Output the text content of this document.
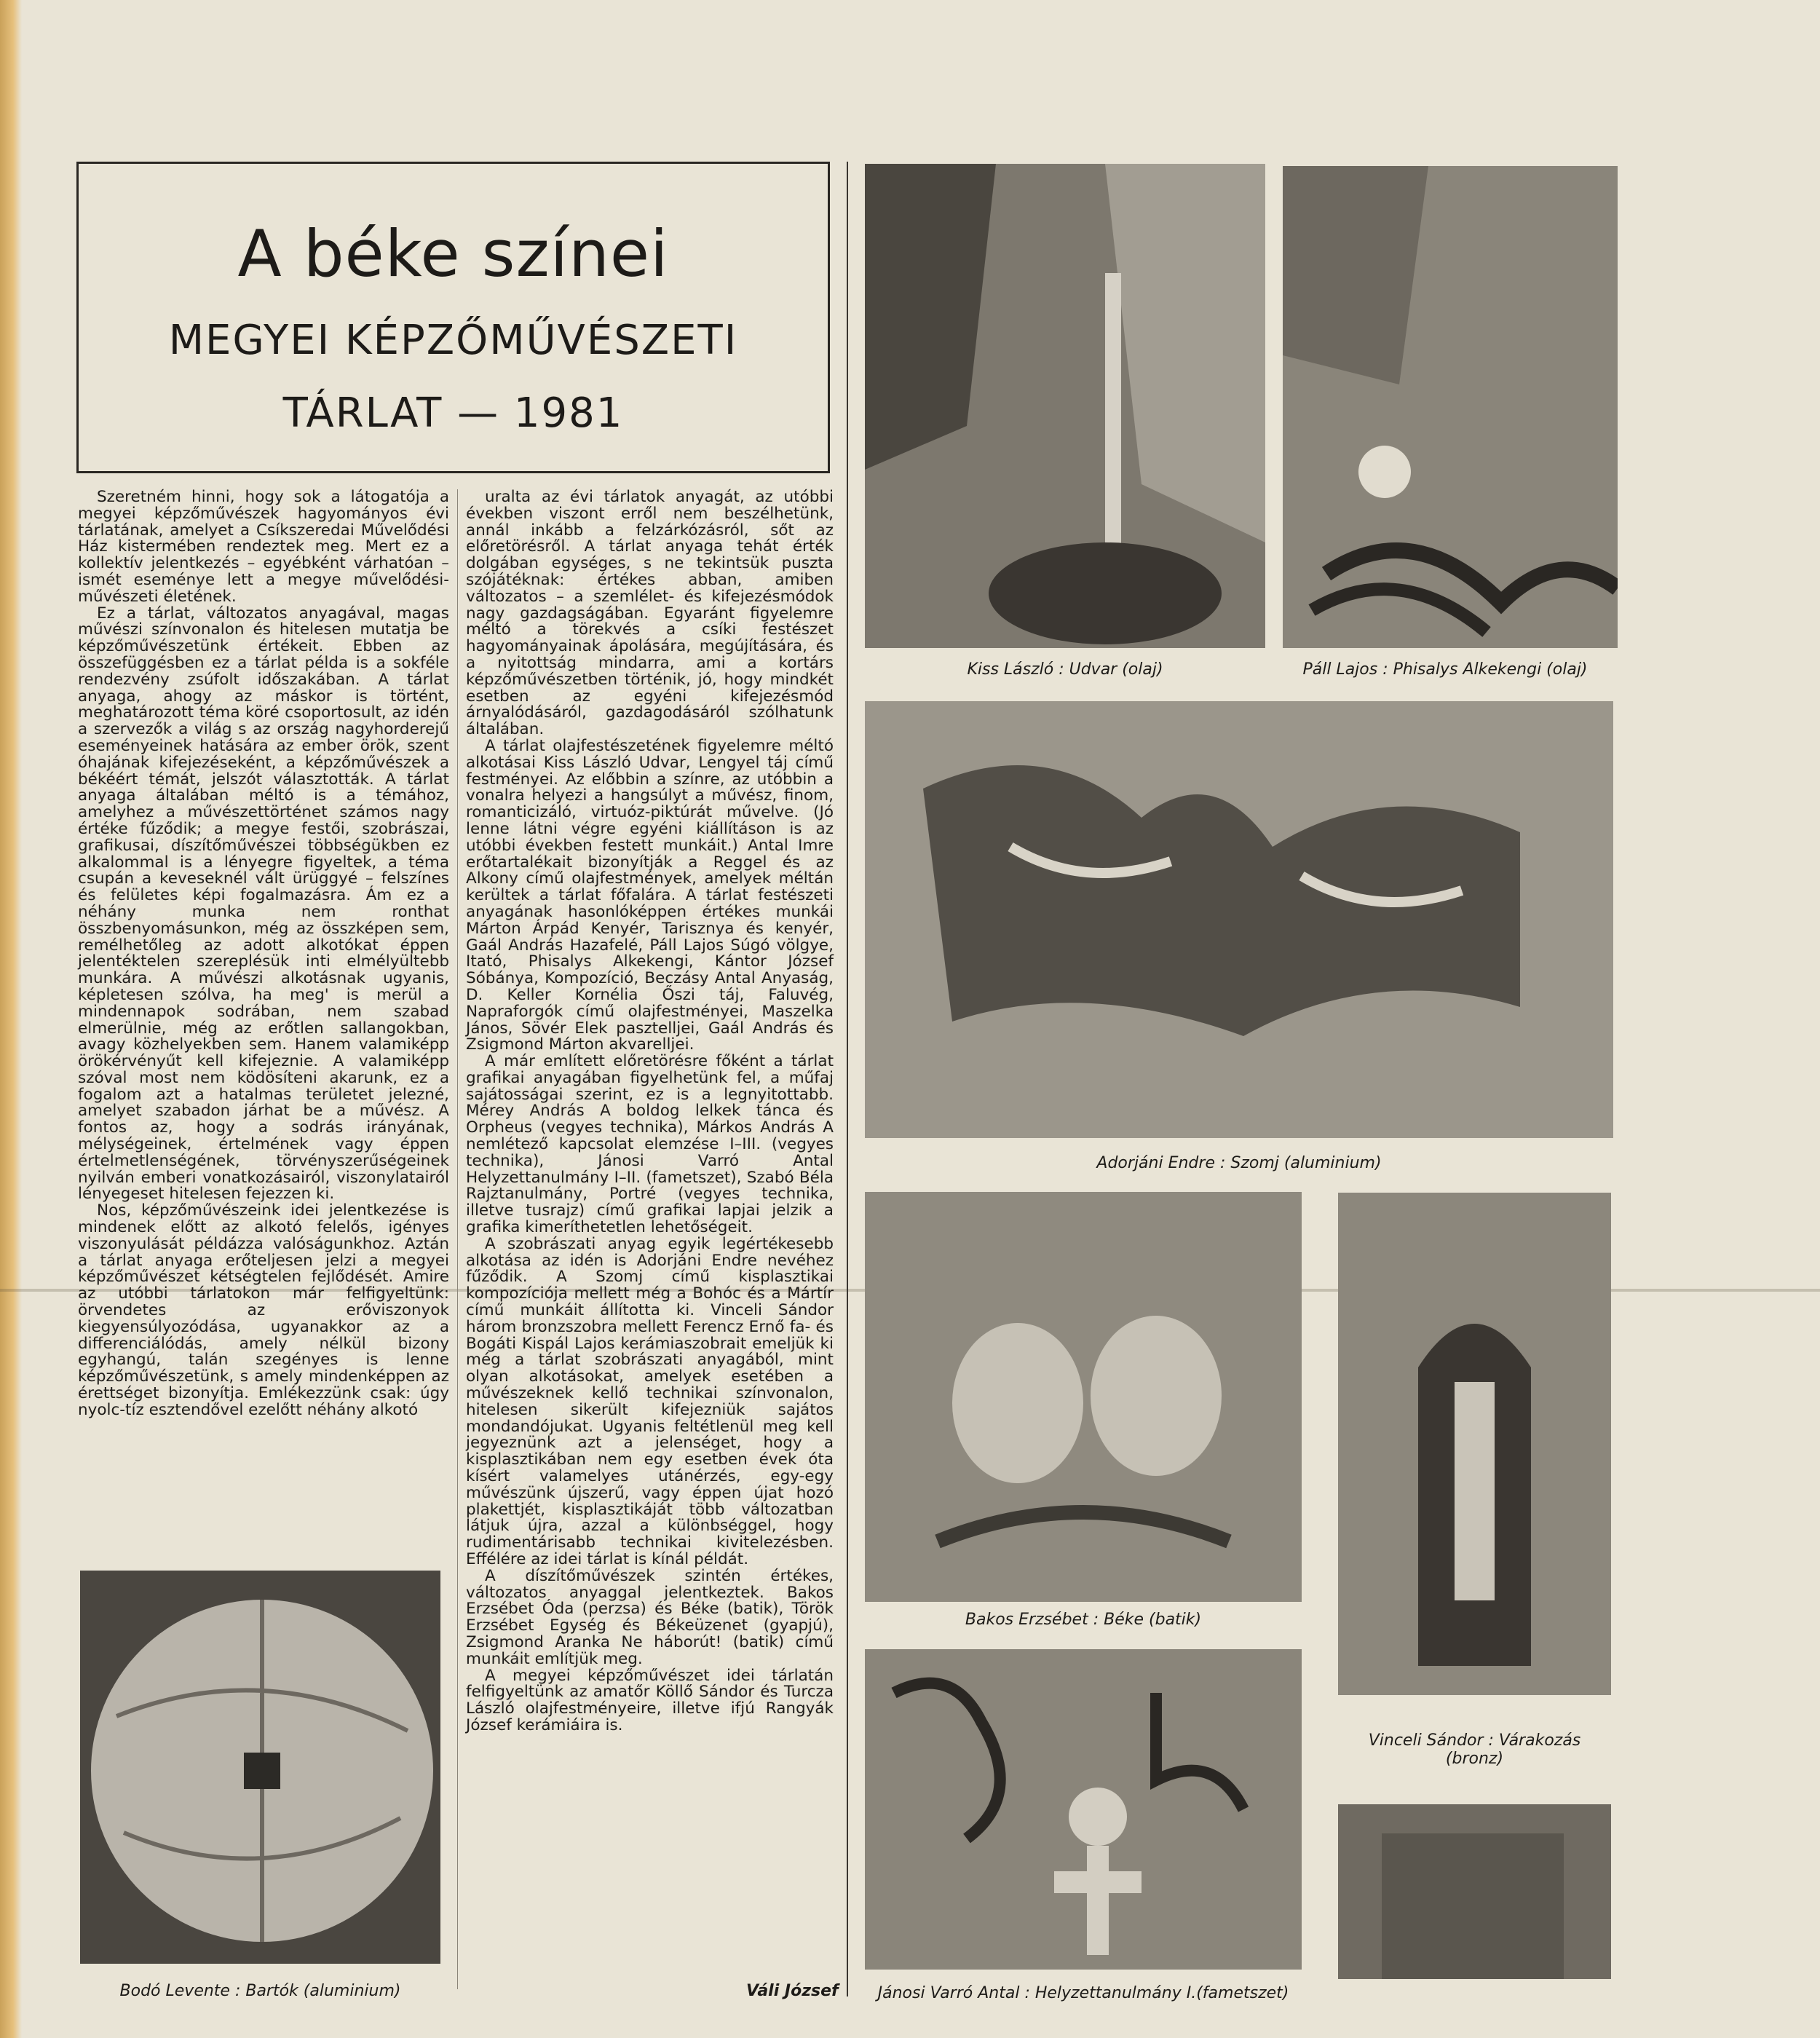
A béke színei
MEGYEI KÉPZŐMŰVÉSZETI
TÁRLAT — 1981

Szeretném hinni, hogy sok a látogatója a megyei képzőművészek hagyományos évi tárlatának, amelyet a Csíkszeredai Művelődési Ház kistermében rendeztek meg. Mert ez a kollektív jelentkezés – egyébként várhatóan – ismét eseménye lett a megye művelődési-művészeti életének.

Ez a tárlat, változatos anyagával, magas művészi színvonalon és hitelesen mutatja be képzőművészetünk értékeit. Ebben az összefüggésben ez a tárlat példa is a sokféle rendezvény zsúfolt időszakában. A tárlat anyaga, ahogy az máskor is történt, meghatározott téma köré csoportosult, az idén a szervezők a világ s az ország nagyhorderejű eseményeinek hatására az ember örök, szent óhajának kifejezéseként, a képzőművészek a békéért témát, jelszót választották. A tárlat anyaga általában méltó is a témához, amelyhez a művészettörténet számos nagy értéke fűződik; a megye festői, szobrászai, grafikusai, díszítőművészei többségükben ez alkalommal is a lényegre figyeltek, a téma csupán a keveseknél vált ürüggyé – felszínes és felületes képi fogalmazásra. Ám ez a néhány munka nem ronthat összbenyomásunkon, még az összképen sem, remélhetőleg az adott alkotókat éppen jelentéktelen szereplésük inti elmélyültebb munkára. A művészi alkotásnak ugyanis, képletesen szólva, ha meg' is merül a mindennapok sodrában, nem szabad elmerülnie, még az erőtlen sallangokban, avagy közhelyekben sem. Hanem valamiképp örökérvényűt kell kifejeznie. A valamiképp szóval most nem ködösíteni akarunk, ez a fogalom azt a hatalmas területet jelezné, amelyet szabadon járhat be a művész. A fontos az, hogy a sodrás irányának, mélységeinek, értelmének vagy éppen értelmetlenségének, törvényszerűségeinek nyilván emberi vonatkozásairól, viszonylatairól lényegeset hitelesen fejezzen ki.

Nos, képzőművészeink idei jelentkezése is mindenek előtt az alkotó felelős, igényes viszonyulását példázza valóságunkhoz. Aztán a tárlat anyaga erőteljesen jelzi a megyei képzőművészet kétségtelen fejlődését. Amire az utóbbi tárlatokon már felfigyeltünk: örvendetes az erőviszonyok kiegyensúlyozódása, ugyanakkor az a differenciálódás, amely nélkül bizony egyhangú, talán szegényes is lenne képzőművészetünk, s amely mindenképpen az érettséget bizonyítja. Emlékezzünk csak: úgy nyolc-tíz esztendővel ezelőtt néhány alkotó

uralta az évi tárlatok anyagát, az utóbbi években viszont erről nem beszélhetünk, annál inkább a felzárkózásról, sőt az előretörésről. A tárlat anyaga tehát érték dolgában egységes, s ne tekintsük puszta szójátéknak: értékes abban, amiben változatos – a szemlélet- és kifejezésmódok nagy gazdagságában. Egyaránt figyelemre méltó a törekvés a csíki festészet hagyományainak ápolására, megújítására, és a nyitottság mindarra, ami a kortárs képzőművészetben történik, jó, hogy mindkét esetben az egyéni kifejezésmód árnyalódásáról, gazdagodásáról szólhatunk általában.

A tárlat olajfestészetének figyelemre méltó alkotásai Kiss László Udvar, Lengyel táj című festményei. Az előbbin a színre, az utóbbin a vonalra helyezi a hangsúlyt a művész, finom, romanticizáló, virtuóz-piktúrát művelve. (Jó lenne látni végre egyéni kiállításon is az utóbbi években festett munkáit.) Antal Imre erőtartalékait bizonyítják a Reggel és az Alkony című olajfestmények, amelyek méltán kerültek a tárlat főfalára. A tárlat festészeti anyagának hasonlóképpen értékes munkái Márton Árpád Kenyér, Tarisznya és kenyér, Gaál András Hazafelé, Páll Lajos Súgó völgye, Itató, Phisalys Alkekengi, Kántor József Sóbánya, Kompozíció, Beczásy Antal Anyaság, D. Keller Kornélia Őszi táj, Faluvég, Napraforgók című olajfestményei, Maszelka János, Sövér Elek pasztelljei, Gaál András és Zsigmond Márton akvarelljei.

A már említett előretörésre főként a tárlat grafikai anyagában figyelhetünk fel, a műfaj sajátosságai szerint, ez is a legnyitottabb. Mérey András A boldog lelkek tánca és Orpheus (vegyes technika), Márkos András A nemlétező kapcsolat elemzése I–III. (vegyes technika), Jánosi Varró Antal Helyzettanulmány I–II. (fametszet), Szabó Béla Rajztanulmány, Portré (vegyes technika, illetve tusrajz) című grafikai lapjai jelzik a grafika kimeríthetetlen lehetőségeit.

A szobrászati anyag egyik legértékesebb alkotása az idén is Adorjáni Endre nevéhez fűződik. A Szomj című kisplasztikai kompozíciója mellett még a Bohóc és a Mártír című munkáit állította ki. Vinceli Sándor három bronzszobra mellett Ferencz Ernő fa- és Bogáti Kispál Lajos kerámiaszobrait emeljük ki még a tárlat szobrászati anyagából, mint olyan alkotásokat, amelyek esetében a művészeknek kellő technikai színvonalon, hitelesen sikerült kifejezniük sajátos mondandójukat. Ugyanis feltétlenül meg kell jegyeznünk azt a jelenséget, hogy a kisplasztikában nem egy esetben évek óta kísért valamelyes utánérzés, egy-egy művészünk újszerű, vagy éppen újat hozó plakettjét, kisplasztikáját több változatban látjuk újra, azzal a különbséggel, hogy rudimentárisabb technikai kivitelezésben. Effélére az idei tárlat is kínál példát.

A díszítőművészek szintén értékes, változatos anyaggal jelentkeztek. Bakos Erzsébet Óda (perzsa) és Béke (batik), Török Erzsébet Egység és Békeüzenet (gyapjú), Zsigmond Aranka Ne háborút! (batik) című munkáit említjük meg.

A megyei képzőművészet idei tárlatán felfigyeltünk az amatőr Köllő Sándor és Turcza László olajfestményeire, illetve ifjú Rangyák József kerámiáira is.

Váli József
Bodó Levente : Bartók (aluminium)
Kiss László : Udvar (olaj)	Páll Lajos : Phisalys Alkekengi (olaj)
Adorjáni Endre : Szomj (aluminium)
Bakos Erzsébet : Béke (batik)
Vinceli Sándor : Várakozás (bronz)
Jánosi Varró Antal : Helyzettanulmány I.(fametszet)
